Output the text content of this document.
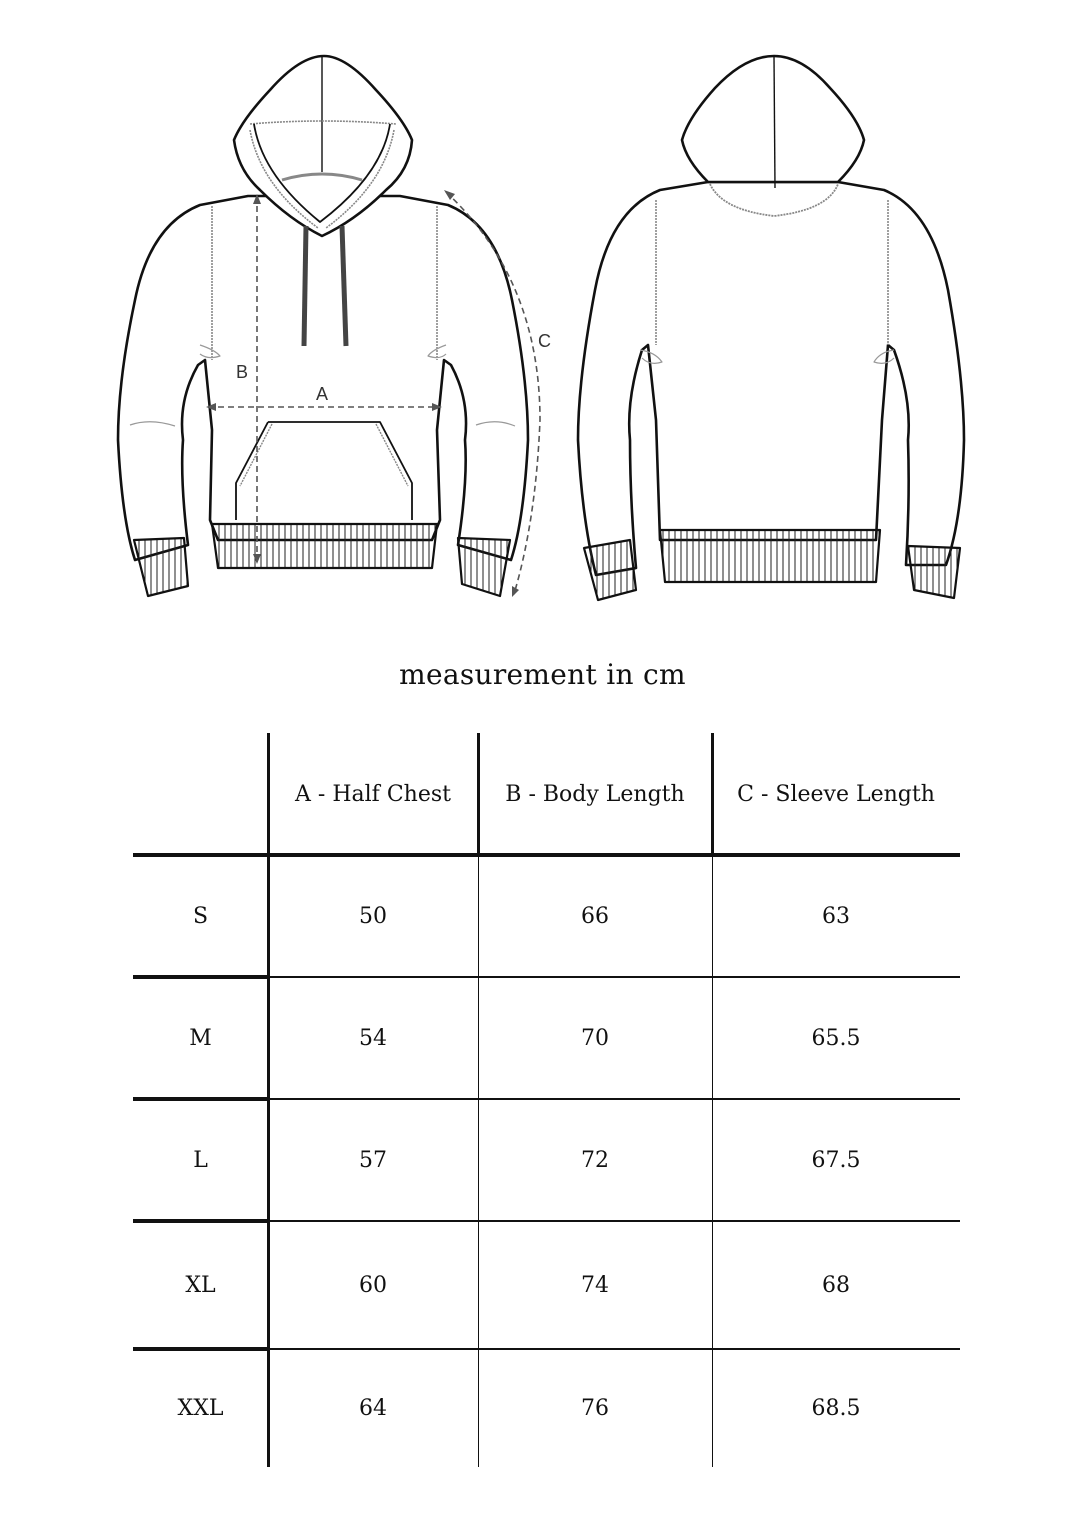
A
B
C
measurement in cm
A - Half Chest	B - Body Length	C - Sleeve Length
S	50	66	63
M	54	70	65.5
L	57	72	67.5
XL	60	74	68
XXL	64	76	68.5
